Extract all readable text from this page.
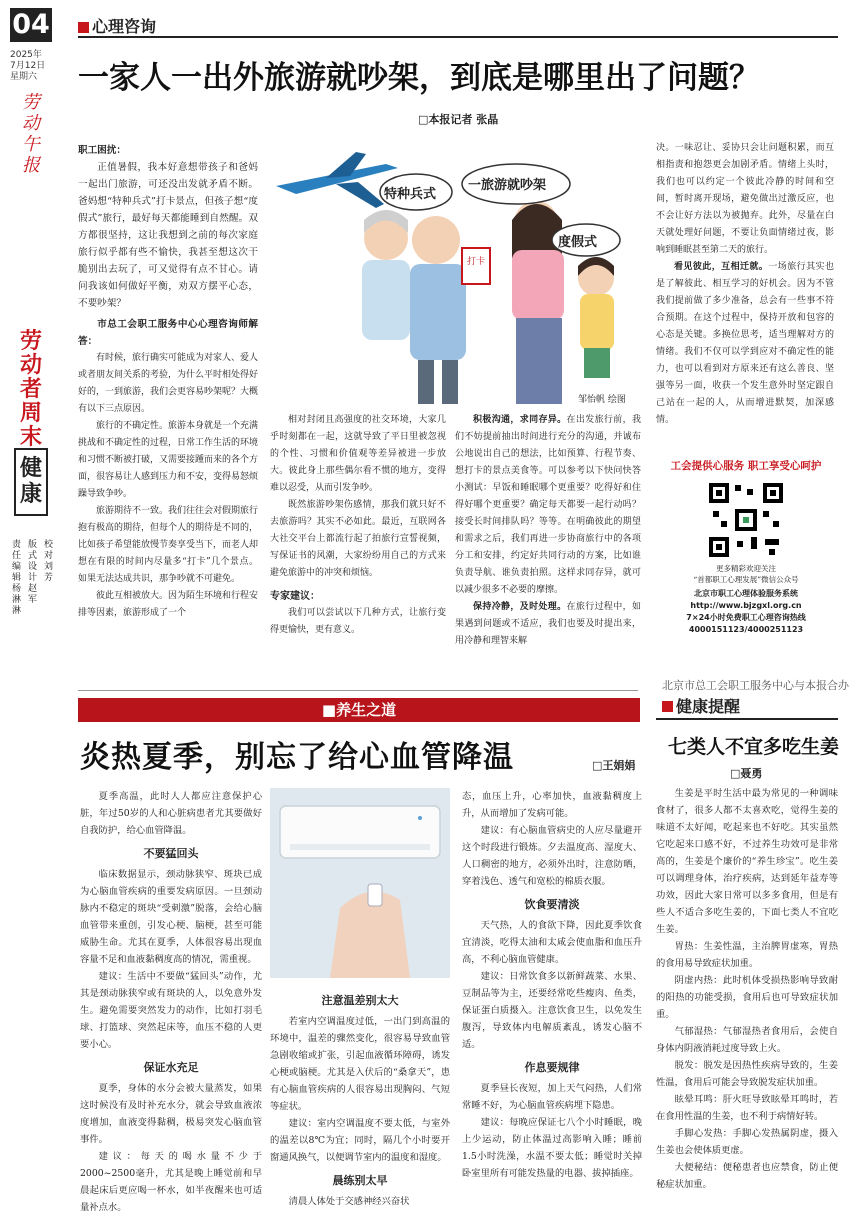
04
2025年
7月12日
星期六
劳动午报
劳动者周末
健康
责任编辑 杨淋淋
版式设计 赵军
校 对 刘芳
心理咨询
一家人一出外旅游就吵架，到底是哪里出了问题？
□本报记者 张晶

职工困扰：

正值暑假，我本好意想带孩子和爸妈一起出门旅游，可还没出发就矛盾不断。爸妈想“特种兵式”打卡景点，但孩子想“度假式”旅行，最好每天都能睡到自然醒。双方都很坚持，这让我想到之前的每次家庭旅行似乎都有些不愉快，我甚至想这次干脆别出去玩了，可又觉得有点不甘心。请问我该如何做好平衡，劝双方摆平心态，不要吵架？

市总工会职工服务中心心理咨询师解答：

有时候，旅行确实可能成为对家人、爱人或者朋友间关系的考验，为什么平时相处得好好的，一到旅游，我们会更容易吵架呢？大概有以下三点原因。

旅行的不确定性。旅游本身就是一个充满挑战和不确定性的过程，日常工作生活的环境和习惯不断被打破，又需要接踵而来的各个方面，很容易让人感到压力和不安，变得易怒烦躁导致争吵。

旅游期待不一致。我们往往会对假期旅行抱有极高的期待，但每个人的期待是不同的，比如孩子希望能放慢节奏享受当下，而老人却想在有限的时间内尽量多“打卡”几个景点。如果无法达成共识，那争吵就不可避免。

彼此互相被放大。因为陌生环境和行程安排等因素，旅游形成了一个

特种兵式
一旅游就吵架
度假式
打卡
邹怡帆 绘图

相对封闭且高强度的社交环境，大家几乎时刻都在一起，这就导致了平日里被忽视的个性、习惯和价值观等差异被进一步放大。彼此身上那些偶尔看不惯的地方，变得难以忍受，从而引发争吵。

既然旅游吵架伤感情，那我们就只好不去旅游吗？其实不必如此。最近，互联网各大社交平台上都流行起了拍旅行宣誓视频，写保证书的风潮，大家纷纷用自己的方式来避免旅游中的冲突和烦恼。

专家建议：

我们可以尝试以下几种方式，让旅行变得更愉快，更有意义。

积极沟通，求同存异。在出发旅行前，我们不妨提前抽出时间进行充分的沟通，并诚布公地说出自己的想法，比如预算、行程节奏、想打卡的景点美食等。可以参考以下快问快答小测试：早饭和睡眠哪个更重要？吃得好和住得好哪个更重要？确定每天都要一起行动吗？接受长时间排队吗？等等。在明确彼此的期望和需求之后，我们再进一步协商旅行中的各项分工和安排，约定好共同行动的方案，比如谁负责导航、谁负责拍照。这样求同存异，就可以减少很多不必要的摩擦。

保持冷静，及时处理。在旅行过程中，如果遇到问题或不适应，我们也要及时提出来，用冷静和理智来解

决。一味忍让、妥协只会让问题积累，而互相指责和抱怨更会加剧矛盾。情绪上头时，我们也可以约定一个彼此冷静的时间和空间，暂时离开现场，避免做出过激反应，也不会让好方法以为被抛弃。此外，尽量在白天就处理好问题，不要让负面情绪过夜，影响到睡眠甚至第二天的旅行。

看见彼此，互相迁就。一场旅行其实也是了解彼此、相互学习的好机会。因为不管我们提前做了多少准备，总会有一些事不符合预期。在这个过程中，保持开放和包容的心态是关键。多换位思考，适当理解对方的情绪。我们不仅可以学到应对不确定性的能力，也可以看到对方原来还有这么善良、坚强等另一面，收获一个发生意外时坚定跟自己站在一起的人，从而增进默契，加深感情。

工会提供心服务 职工享受心呵护
更多精彩欢迎关注
“首都职工心理发展”微信公众号
北京市职工心理体验服务系统
http://www.bjzgxl.org.cn
7×24小时免费职工心理咨询热线
4000151123/4000251123
北京市总工会职工服务中心与本报合办
■养生之道
炎热夏季，别忘了给心血管降温	□王娟娟

夏季高温，此时人人都应注意保护心脏，年过50岁的人和心脏病患者尤其要做好自我防护，给心血管降温。

不要猛回头

临床数据显示，颈动脉狭窄、斑块已成为心脑血管疾病的重要发病原因。一旦颈动脉内不稳定的斑块“受刺激”脱落，会给心脑血管带来重创，引发心梗、脑梗，甚至可能威胁生命。尤其在夏季，人体很容易出现血容量不足和血液黏稠度高的情况，需重视。

建议：生活中不要做“猛回头”动作，尤其是颈动脉狭窄或有斑块的人，以免意外发生。避免需要突然发力的动作，比如打羽毛球、打篮球、突然起床等，血压不稳的人更要小心。

保证水充足

夏季，身体的水分会被大量蒸发，如果这时候没有及时补充水分，就会导致血液浓度增加，血液变得黏稠，极易突发心脑血管事件。

建议：每天的喝水量不少于2000~2500毫升，尤其是晚上睡觉前和早晨起床后更应喝一杯水，如半夜醒来也可适量补点水。

注意温差别太大

若室内空调温度过低，一出门到高温的环境中，温差的骤然变化，很容易导致血管急剧收缩或扩张，引起血液循环障碍，诱发心梗或脑梗。尤其是入伏后的“桑拿天”，患有心脑血管疾病的人很容易出现胸闷、气短等症状。

建议：室内空调温度不要太低，与室外的温差以8℃为宜；同时，隔几个小时要开窗通风换气，以便调节室内的温度和湿度。

晨练别太早

清晨人体处于交感神经兴奋状

态，血压上升，心率加快，血液黏稠度上升，从而增加了发病可能。

建议：有心脑血管病史的人应尽量避开这个时段进行锻炼。夕去温度高、湿度大、人口稠密的地方，必须外出时，注意防晒，穿着浅色、透气和宽松的棉质衣服。

饮食要清淡

天气热，人的食欲下降，因此夏季饮食宜清淡，吃得太油和太咸会使血脂和血压升高，不利心脑血管健康。

建议：日常饮食多以新鲜蔬菜、水果、豆制品等为主，还要经常吃些瘦肉、鱼类，保证蛋白质摄入。注意饮食卫生，以免发生腹泻，导致体内电解质紊乱，诱发心脑不适。

作息要规律

夏季昼长夜短，加上天气闷热，人们常常睡不好，为心脑血管疾病埋下隐患。

建议：每晚应保证七八个小时睡眠，晚上少运动，防止体温过高影响入睡；睡前1.5小时洗澡，水温不要太低；睡觉时关掉卧室里所有可能发热量的电器、拔掉插座。

健康提醒
七类人不宜多吃生姜
□聂勇

生姜是平时生活中最为常见的一种调味食材了，很多人都不太喜欢吃，觉得生姜的味道不太好闻，吃起来也不好吃。其实虽然它吃起来口感不好，不过养生功效可是非常高的，生姜是个廉价的“养生珍宝”。吃生姜可以调理身体，治疗疾病，达到延年益寿等功效，因此大家日常可以多多食用，但是有些人不适合多吃生姜的，下面七类人不宜吃生姜。

胃热：生姜性温，主治脾胃虚寒，胃热的食用易导致症状加重。

阴虚内热：此时机体受损热影响导致耐的阳热的功能受损，食用后也可导致症状加重。

气郁湿热：气郁湿热者食用后，会使自身体内阴液消耗过度导致上火。

脱发：脱发是因热性疾病导致的，生姜性温，食用后可能会导致脱发症状加重。

眩晕耳鸣：肝火旺导致眩晕耳鸣时，若在食用性温的生姜，也不利于病情好转。

手脚心发热：手脚心发热属阴虚，摄入生姜也会使体质更虚。

大便秘结：便秘患者也应禁食，防止便秘症状加重。
